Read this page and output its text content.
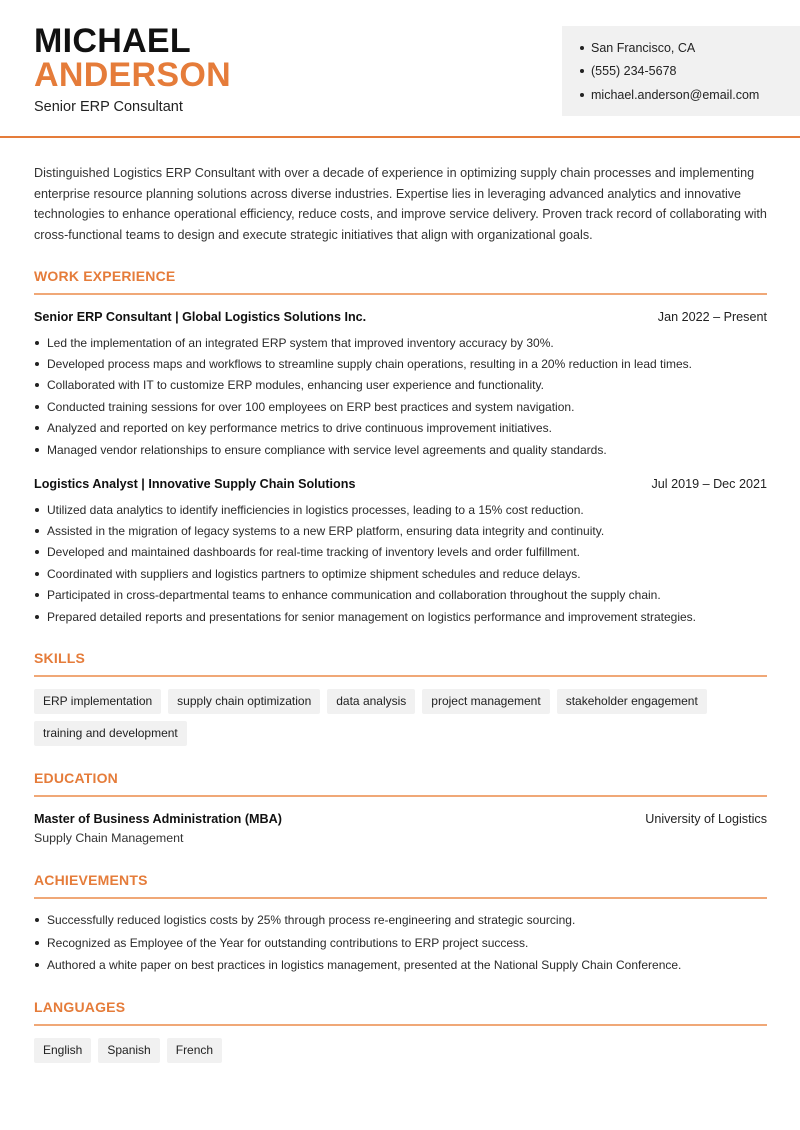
MICHAEL
ANDERSON
Senior ERP Consultant
San Francisco, CA
(555) 234-5678
michael.anderson@email.com

Distinguished Logistics ERP Consultant with over a decade of experience in optimizing supply chain processes and implementing enterprise resource planning solutions across diverse industries. Expertise lies in leveraging advanced analytics and innovative technologies to enhance operational efficiency, reduce costs, and improve service delivery. Proven track record of collaborating with cross-functional teams to design and execute strategic initiatives that align with organizational goals.

WORK EXPERIENCE
Senior ERP Consultant | Global Logistics Solutions Inc.	Jan 2022 – Present
Led the implementation of an integrated ERP system that improved inventory accuracy by 30%.
Developed process maps and workflows to streamline supply chain operations, resulting in a 20% reduction in lead times.
Collaborated with IT to customize ERP modules, enhancing user experience and functionality.
Conducted training sessions for over 100 employees on ERP best practices and system navigation.
Analyzed and reported on key performance metrics to drive continuous improvement initiatives.
Managed vendor relationships to ensure compliance with service level agreements and quality standards.
Logistics Analyst | Innovative Supply Chain Solutions	Jul 2019 – Dec 2021
Utilized data analytics to identify inefficiencies in logistics processes, leading to a 15% cost reduction.
Assisted in the migration of legacy systems to a new ERP platform, ensuring data integrity and continuity.
Developed and maintained dashboards for real-time tracking of inventory levels and order fulfillment.
Coordinated with suppliers and logistics partners to optimize shipment schedules and reduce delays.
Participated in cross-departmental teams to enhance communication and collaboration throughout the supply chain.
Prepared detailed reports and presentations for senior management on logistics performance and improvement strategies.
SKILLS
ERP implementation	supply chain optimization	data analysis	project management	stakeholder engagement
training and development
EDUCATION
Master of Business Administration (MBA)	University of Logistics
Supply Chain Management
ACHIEVEMENTS
Successfully reduced logistics costs by 25% through process re-engineering and strategic sourcing.
Recognized as Employee of the Year for outstanding contributions to ERP project success.
Authored a white paper on best practices in logistics management, presented at the National Supply Chain Conference.
LANGUAGES
English	Spanish	French
